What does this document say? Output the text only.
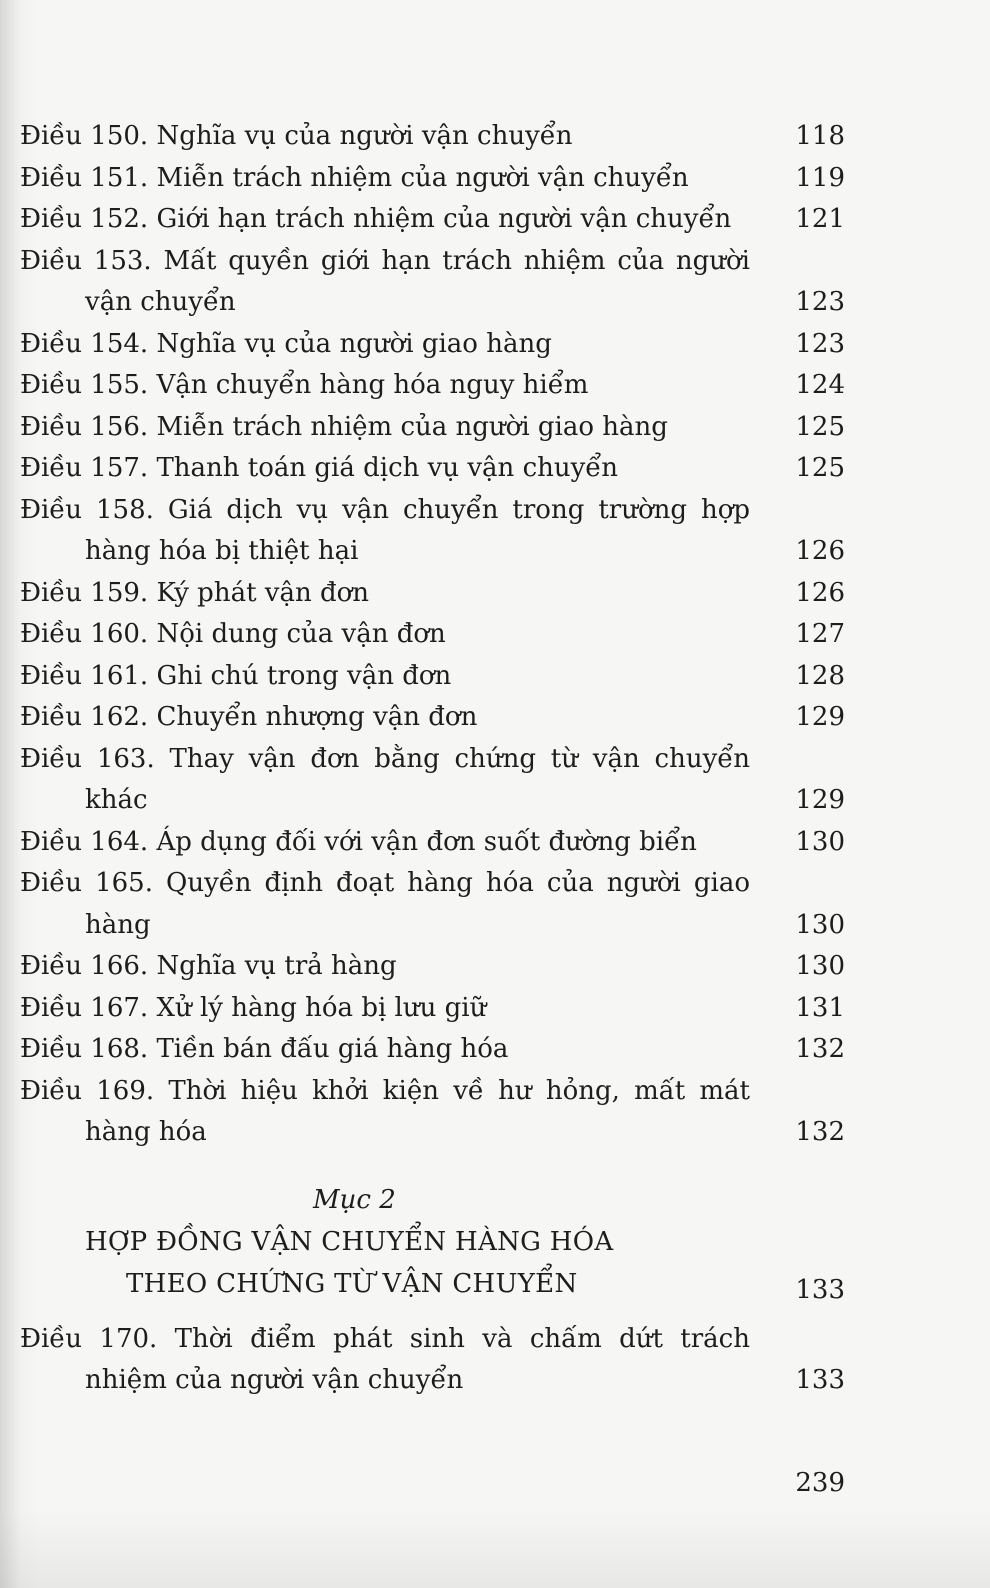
Điều 150. Nghĩa vụ của người vận chuyển	118
Điều 151. Miễn trách nhiệm của người vận chuyển	119
Điều 152. Giới hạn trách nhiệm của người vận chuyển	121
Điều 153. Mất quyền giới hạn trách nhiệm của người vận chuyển	123
Điều 154. Nghĩa vụ của người giao hàng	123
Điều 155. Vận chuyển hàng hóa nguy hiểm	124
Điều 156. Miễn trách nhiệm của người giao hàng	125
Điều 157. Thanh toán giá dịch vụ vận chuyển	125
Điều 158. Giá dịch vụ vận chuyển trong trường hợp hàng hóa bị thiệt hại	126
Điều 159. Ký phát vận đơn	126
Điều 160. Nội dung của vận đơn	127
Điều 161. Ghi chú trong vận đơn	128
Điều 162. Chuyển nhượng vận đơn	129
Điều 163. Thay vận đơn bằng chứng từ vận chuyển khác	129
Điều 164. Áp dụng đối với vận đơn suốt đường biển	130
Điều 165. Quyền định đoạt hàng hóa của người giao hàng	130
Điều 166. Nghĩa vụ trả hàng	130
Điều 167. Xử lý hàng hóa bị lưu giữ	131
Điều 168. Tiền bán đấu giá hàng hóa	132
Điều 169. Thời hiệu khởi kiện về hư hỏng, mất mát hàng hóa	132
Mục 2
HỢP ĐỒNG VẬN CHUYỂN HÀNG HÓA
THEO CHỨNG TỪ VẬN CHUYỂN	133
Điều 170. Thời điểm phát sinh và chấm dứt trách nhiệm của người vận chuyển	133
239
